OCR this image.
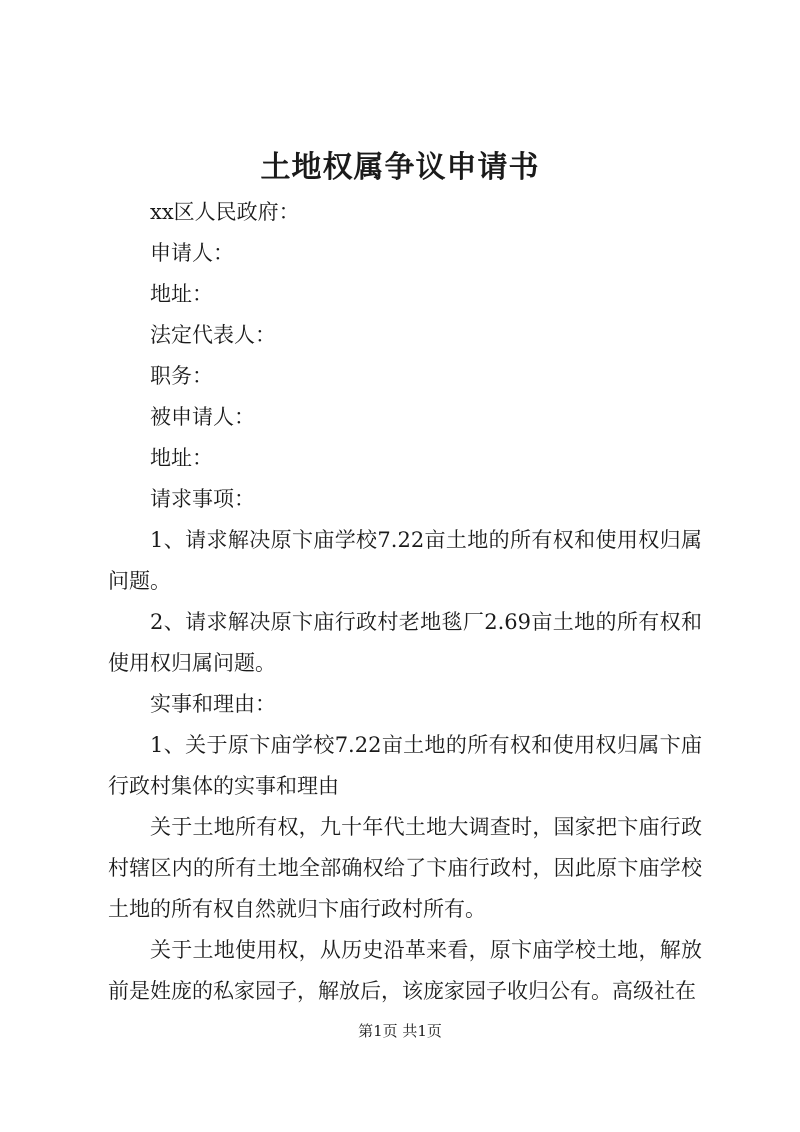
土地权属争议申请书

xx区人民政府：

申请人：

地址：

法定代表人：

职务：

被申请人：

地址：

请求事项：

1、请求解决原卞庙学校7.22亩土地的所有权和使用权归属问题。

2、请求解决原卞庙行政村老地毯厂2.69亩土地的所有权和使用权归属问题。

实事和理由：

1、关于原卞庙学校7.22亩土地的所有权和使用权归属卞庙行政村集体的实事和理由

关于土地所有权，九十年代土地大调查时，国家把卞庙行政村辖区内的所有土地全部确权给了卞庙行政村，因此原卞庙学校土地的所有权自然就归卞庙行政村所有。

关于土地使用权，从历史沿革来看，原卞庙学校土地，解放前是姓庞的私家园子，解放后，该庞家园子收归公有。高级社在

第1页 共1页
